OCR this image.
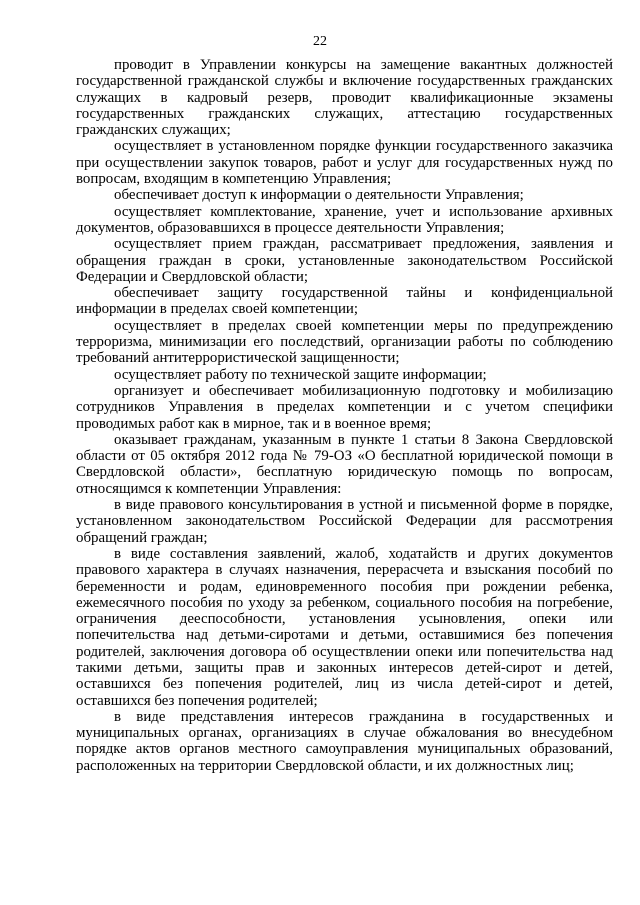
22

проводит в Управлении конкурсы на замещение вакантных должностей государственной гражданской службы и включение государственных гражданских служащих в кадровый резерв, проводит квалификационные экзамены государственных гражданских служащих, аттестацию государственных гражданских служащих;

осуществляет в установленном порядке функции государственного заказчика при осуществлении закупок товаров, работ и услуг для государственных нужд по вопросам, входящим в компетенцию Управления;

обеспечивает доступ к информации о деятельности Управления;

осуществляет комплектование, хранение, учет и использование архивных документов, образовавшихся в процессе деятельности Управления;

осуществляет прием граждан, рассматривает предложения, заявления и обращения граждан в сроки, установленные законодательством Российской Федерации и Свердловской области;

обеспечивает защиту государственной тайны и конфиденциальной информации в пределах своей компетенции;

осуществляет в пределах своей компетенции меры по предупреждению терроризма, минимизации его последствий, организации работы по соблюдению требований антитеррористической защищенности;

осуществляет работу по технической защите информации;

организует и обеспечивает мобилизационную подготовку и мобилизацию сотрудников Управления в пределах компетенции и с учетом специфики проводимых работ как в мирное, так и в военное время;

оказывает гражданам, указанным в пункте 1 статьи 8 Закона Свердловской области от 05 октября 2012 года № 79-ОЗ «О бесплатной юридической помощи в Свердловской области», бесплатную юридическую помощь по вопросам, относящимся к компетенции Управления:

в виде правового консультирования в устной и письменной форме в порядке, установленном законодательством Российской Федерации для рассмотрения обращений граждан;

в виде составления заявлений, жалоб, ходатайств и других документов правового характера в случаях назначения, перерасчета и взыскания пособий по беременности и родам, единовременного пособия при рождении ребенка, ежемесячного пособия по уходу за ребенком, социального пособия на погребение, ограничения дееспособности, установления усыновления, опеки или попечительства над детьми-сиротами и детьми, оставшимися без попечения родителей, заключения договора об осуществлении опеки или попечительства над такими детьми, защиты прав и законных интересов детей-сирот и детей, оставшихся без попечения родителей, лиц из числа детей-сирот и детей, оставшихся без попечения родителей;

в виде представления интересов гражданина в государственных и муниципальных органах, организациях в случае обжалования во внесудебном порядке актов органов местного самоуправления муниципальных образований, расположенных на территории Свердловской области, и их должностных лиц;
